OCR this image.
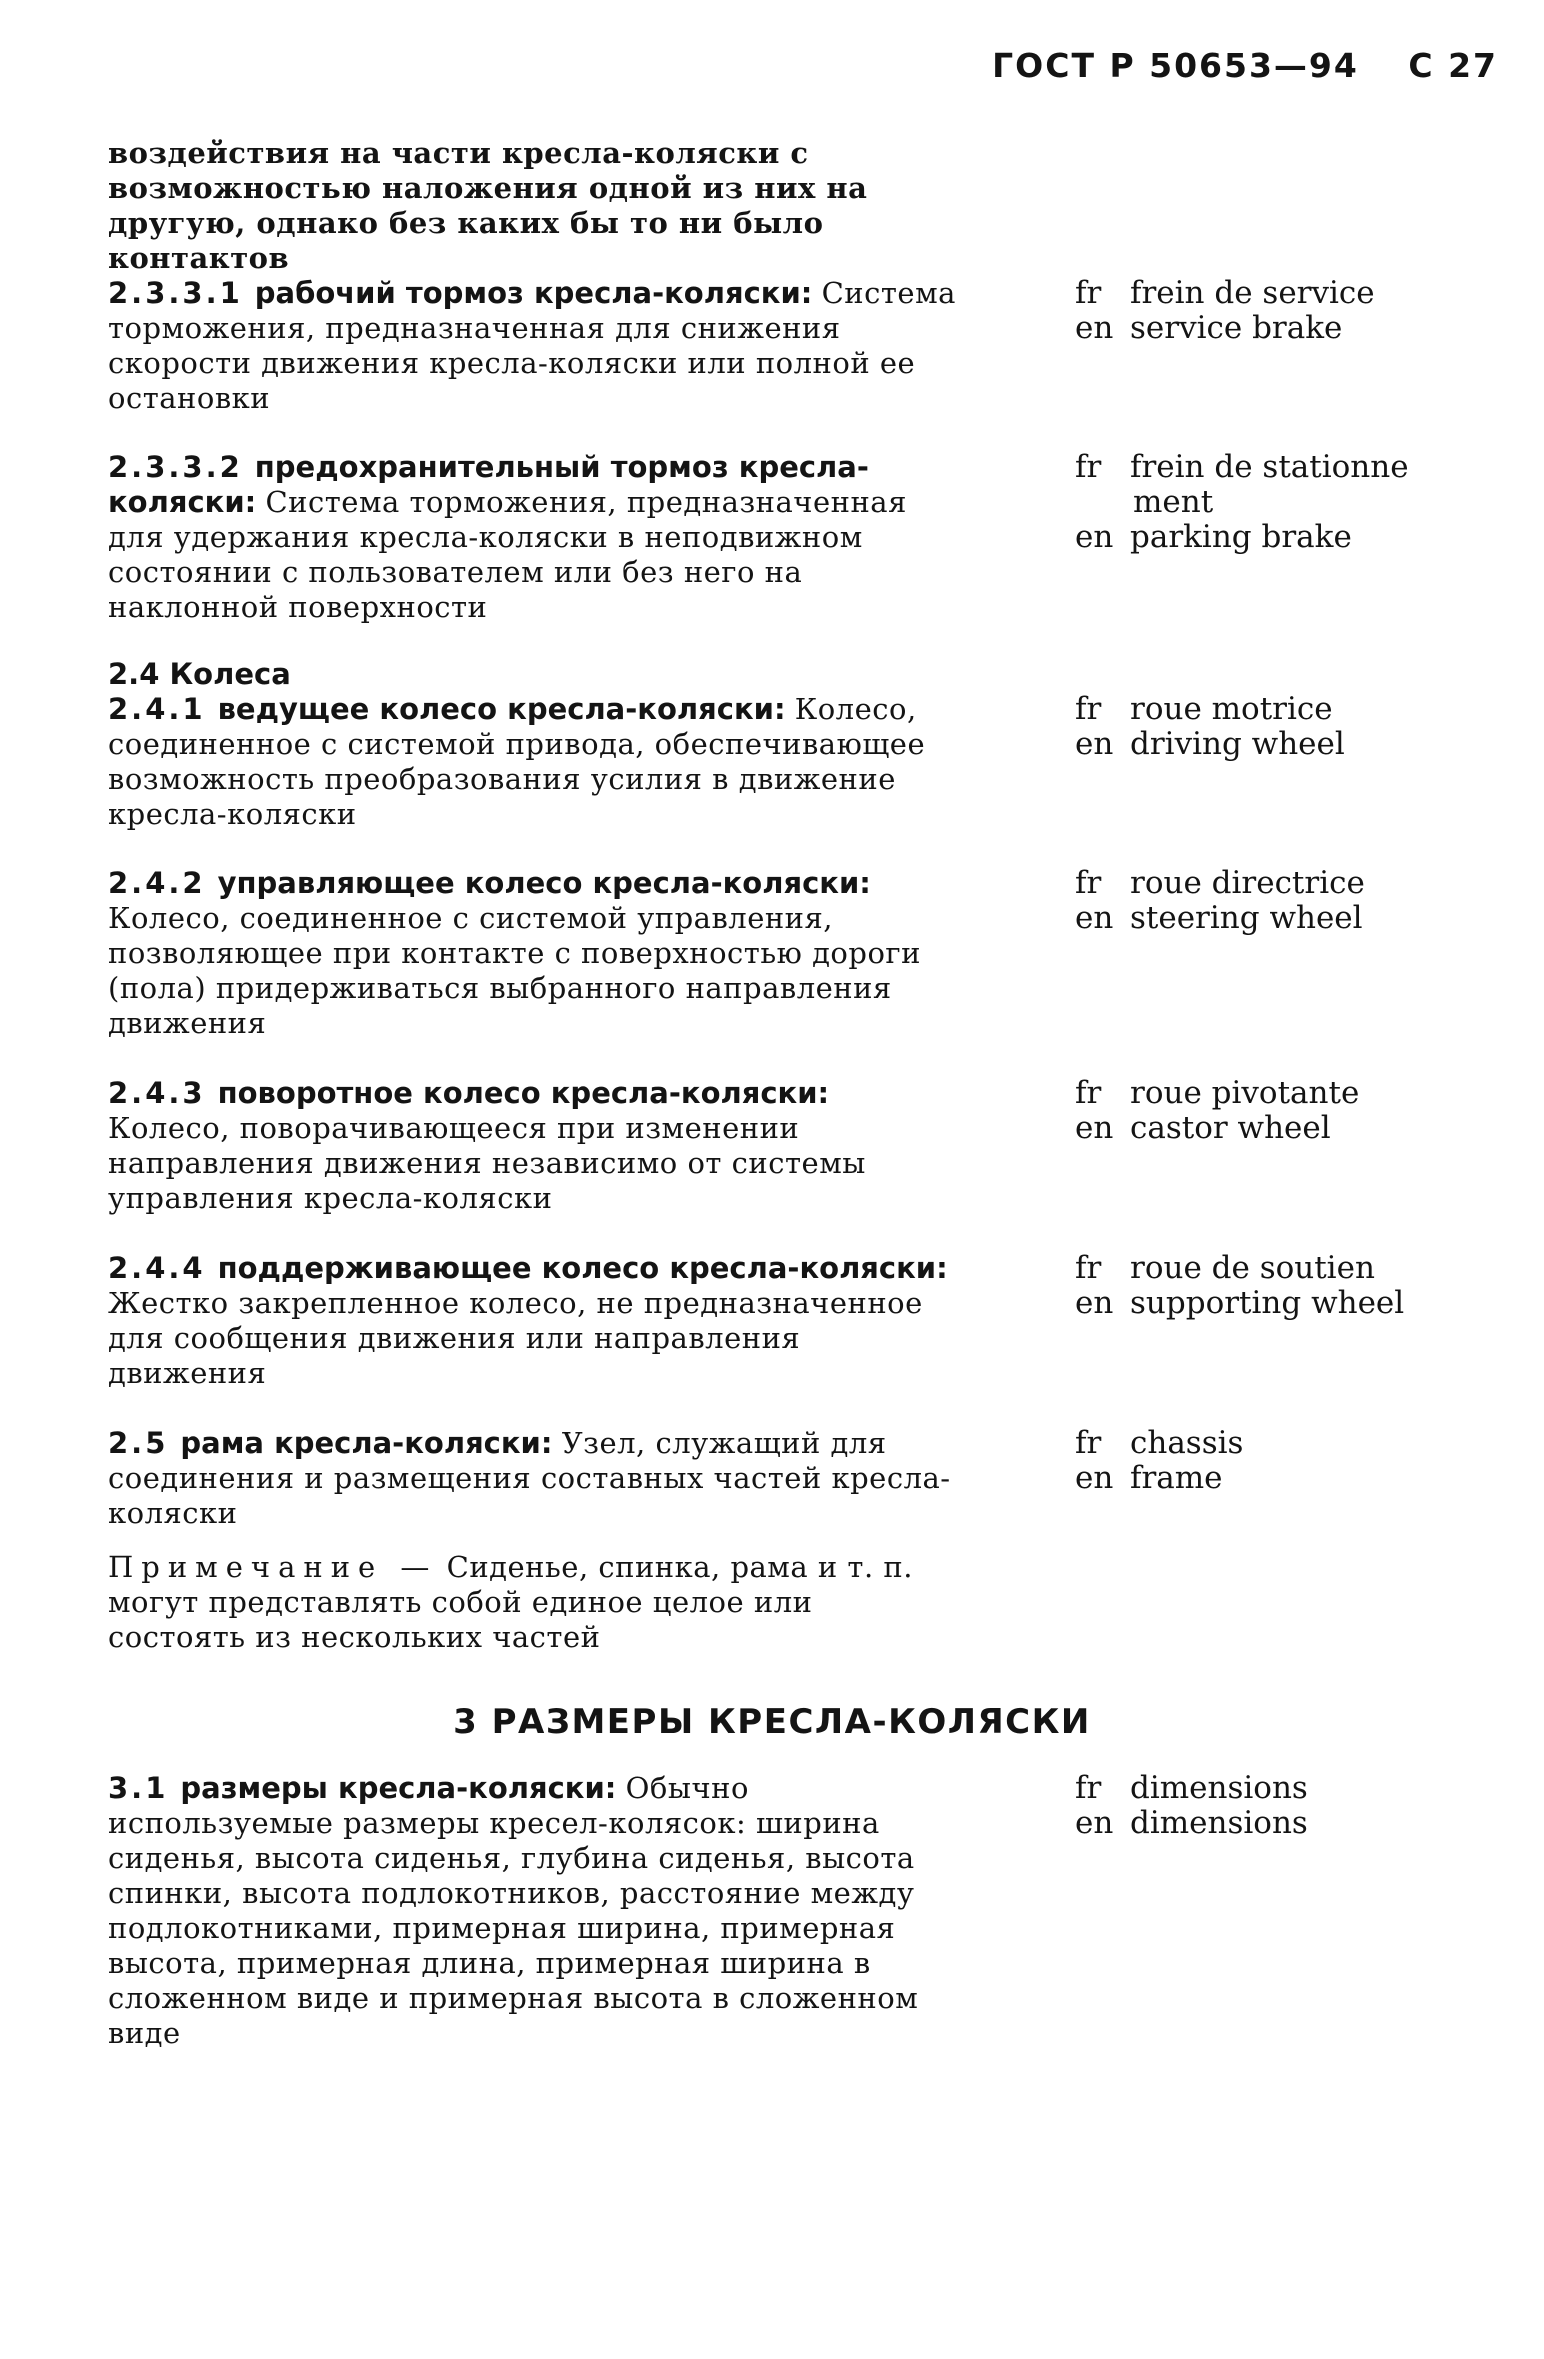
ГОСТ Р 50653—94 С 27
воздействия на части кресла-коляски с возможностью наложения одной из них на другую, однако без каких бы то ни было контактов
2.3.3.1 рабочий тормоз кресла-коляски: Система торможения, предназначенная для снижения скорости движения кресла-коляски или полной ее остановки
fr frein de service
en service brake
2.3.3.2 предохранительный тормоз кресла-коляски: Система торможения, предназначенная для удержания кресла-коляски в неподвижном состоянии с пользователем или без него на наклонной поверхности
fr frein de stationne
ment
en parking brake
2.4 Колеса
2.4.1 ведущее колесо кресла-коляски: Колесо, соединенное с системой привода, обеспечивающее возможность преобразования усилия в движение кресла-коляски
fr roue motrice
en driving wheel
2.4.2 управляющее колесо кресла-коляски: Колесо, соединенное с системой управления, позволяющее при контакте с поверхностью дороги (пола) придерживаться выбранного направления движения
fr roue directrice
en steering wheel
2.4.3 поворотное колесо кресла-коляски: Колесо, поворачивающееся при изменении направления движения независимо от системы управления кресла-коляски
fr roue pivotante
en castor wheel
2.4.4 поддерживающее колесо кресла-коляски: Жестко закрепленное колесо, не предназначенное для сообщения движения или направления движения
fr roue de soutien
en supporting wheel
2.5 рама кресла-коляски: Узел, служащий для соединения и размещения составных частей кресла-коляски
fr chassis
en frame
Примечание — Сиденье, спинка, рама и т. п. могут представлять собой единое целое или состоять из нескольких частей
3 РАЗМЕРЫ КРЕСЛА-КОЛЯСКИ
3.1 размеры кресла-коляски: Обычно используемые размеры кресел-колясок: ширина сиденья, высота сиденья, глубина сиденья, высота спинки, высота подлокотников, расстояние между подлокотниками, примерная ширина, примерная высота, примерная длина, примерная ширина в сложенном виде и примерная высота в сложенном виде
fr dimensions
en dimensions
